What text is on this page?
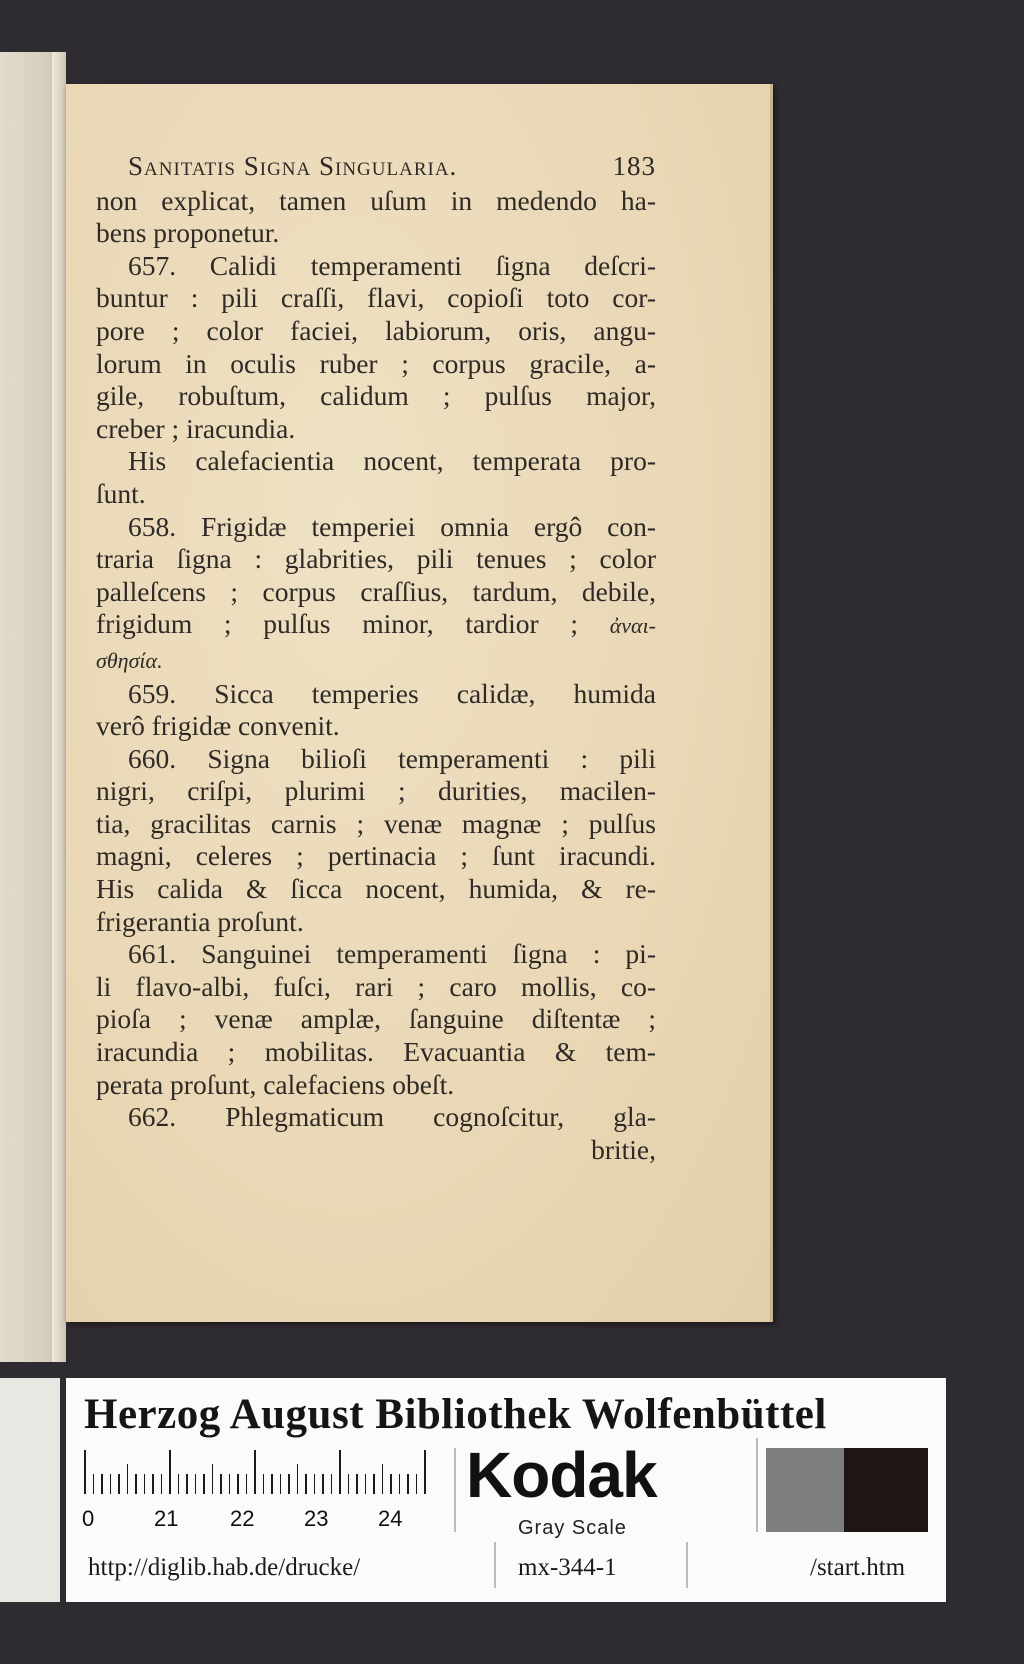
Sanitatis Signa Singularia.	183
non explicat, tamen uſum in medendo ha-
bens proponetur.
657. Calidi temperamenti ſigna deſcri-
buntur : pili craſſi, flavi, copioſi toto cor-
pore ; color faciei, labiorum, oris, angu-
lorum in oculis ruber ; corpus gracile, a-
gile, robuſtum, calidum ; pulſus major,
creber ; iracundia.
His calefacientia nocent, temperata pro-
ſunt.
658. Frigidæ temperiei omnia ergô con-
traria ſigna : glabrities, pili tenues ; color
palleſcens ; corpus craſſius, tardum, debile,
frigidum ; pulſus minor, tardior ; ἀναι-
σθησία.
659. Sicca temperies calidæ, humida
verô frigidæ convenit.
660. Signa bilioſi temperamenti : pili
nigri, criſpi, plurimi ; durities, macilen-
tia, gracilitas carnis ; venæ magnæ ; pulſus
magni, celeres ; pertinacia ; ſunt iracundi.
His calida & ſicca nocent, humida, & re-
frigerantia proſunt.
661. Sanguinei temperamenti ſigna : pi-
li flavo-albi, fuſci, rari ; caro mollis, co-
pioſa ; venæ amplæ, ſanguine diſtentæ ;
iracundia ; mobilitas. Evacuantia & tem-
perata proſunt, calefaciens obeſt.
662. Phlegmaticum cognoſcitur, gla-
britie,
Herzog August Bibliothek Wolfenbüttel
0	21 22 23 24
Kodak
Gray Scale
http://diglib.hab.de/drucke/	mx-344-1	/start.htm
